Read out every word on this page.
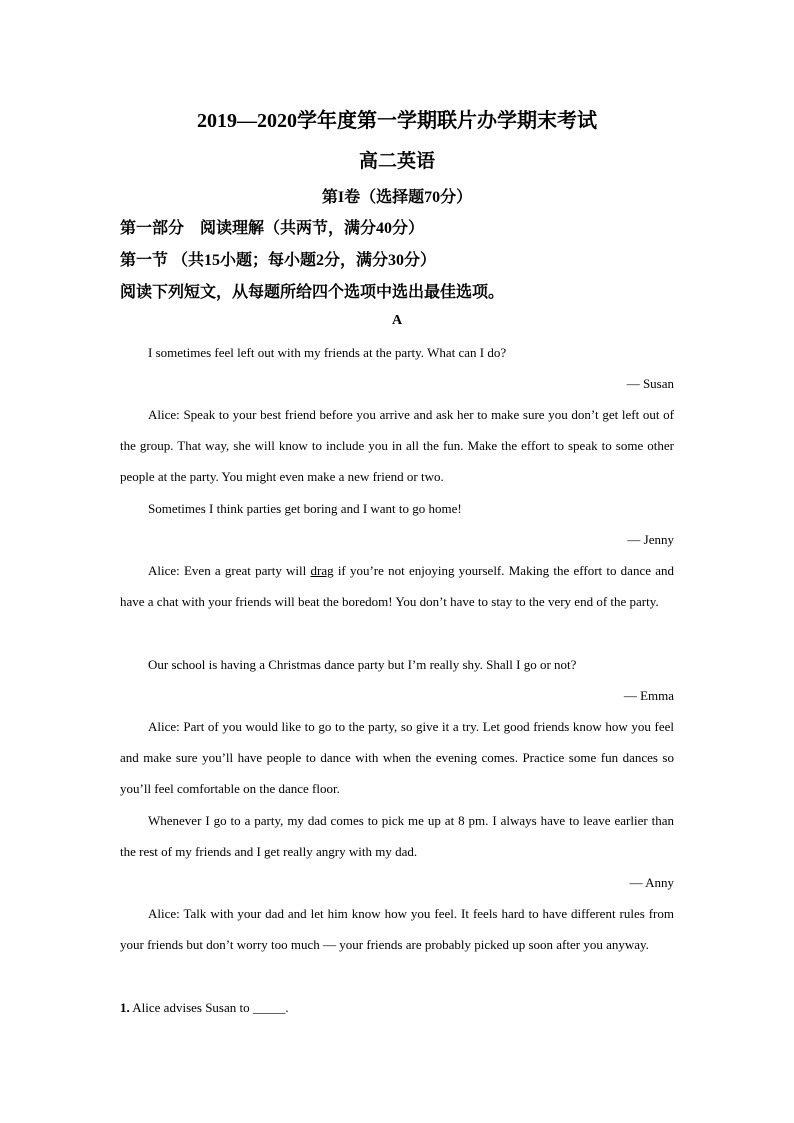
2019—2020学年度第一学期联片办学期末考试
高二英语
第I卷（选择题70分）
第一部分　阅读理解（共两节，满分40分）
第一节 （共15小题；每小题2分，满分30分）
阅读下列短文，从每题所给四个选项中选出最佳选项。
A
I sometimes feel left out with my friends at the party. What can I do?
— Susan
Alice: Speak to your best friend before you arrive and ask her to make sure you don’t get left out of the group. That way, she will know to include you in all the fun. Make the effort to speak to some other people at the party. You might even make a new friend or two.
Sometimes I think parties get boring and I want to go home!
— Jenny
Alice: Even a great party will drag if you’re not enjoying yourself. Making the effort to dance and have a chat with your friends will beat the boredom! You don’t have to stay to the very end of the party.
Our school is having a Christmas dance party but I’m really shy. Shall I go or not?
— Emma
Alice: Part of you would like to go to the party, so give it a try. Let good friends know how you feel and make sure you’ll have people to dance with when the evening comes. Practice some fun dances so you’ll feel comfortable on the dance floor.
Whenever I go to a party, my dad comes to pick me up at 8 pm. I always have to leave earlier than the rest of my friends and I get really angry with my dad.
— Anny
Alice: Talk with your dad and let him know how you feel. It feels hard to have different rules from your friends but don’t worry too much — your friends are probably picked up soon after you anyway.
1. Alice advises Susan to _____.
